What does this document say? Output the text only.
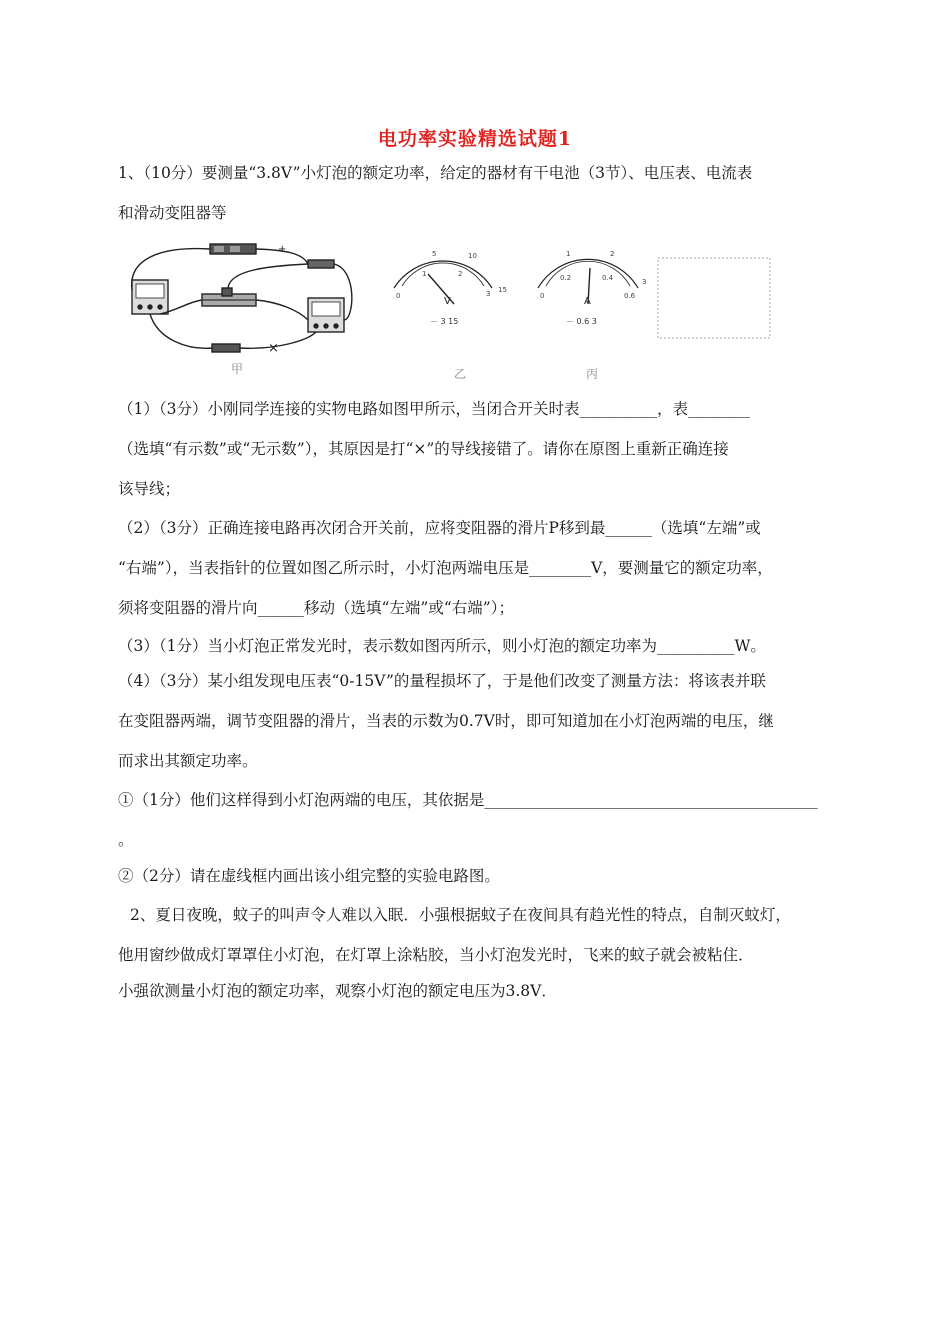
电功率实验精选试题1
1、（10分）要测量“3.8V”小灯泡的额定功率，给定的器材有干电池（3节）、电压表、电流表
和滑动变阻器等
+
×
甲
5	10
0
1	2
3 15
V
－ 3 15
乙
1	2
0
0.2	0.4
0.6
3
A
－ 0.6 3
丙
（1）（3分）小刚同学连接的实物电路如图甲所示，当闭合开关时表__________，表________
（选填“有示数”或“无示数”），其原因是打“×”的导线接错了。请你在原图上重新正确连接
该导线；
（2）（3分）正确连接电路再次闭合开关前，应将变阻器的滑片P移到最______（选填“左端”或
“右端”），当表指针的位置如图乙所示时，小灯泡两端电压是________V，要测量它的额定功率，
须将变阻器的滑片向______移动（选填“左端”或“右端”）；
（3）（1分）当小灯泡正常发光时，表示数如图丙所示，则小灯泡的额定功率为__________W。
（4）（3分）某小组发现电压表“0-15V”的量程损坏了，于是他们改变了测量方法：将该表并联
在变阻器两端，调节变阻器的滑片，当表的示数为0.7V时，即可知道加在小灯泡两端的电压，继
而求出其额定功率。
①（1分）他们这样得到小灯泡两端的电压，其依据是___________________________________________
。
②（2分）请在虚线框内画出该小组完整的实验电路图。
2、夏日夜晚，蚊子的叫声令人难以入眠．小强根据蚊子在夜间具有趋光性的特点，自制灭蚊灯，
他用窗纱做成灯罩罩住小灯泡，在灯罩上涂粘胶，当小灯泡发光时，飞来的蚊子就会被粘住．
小强欲测量小灯泡的额定功率，观察小灯泡的额定电压为3.8V．
